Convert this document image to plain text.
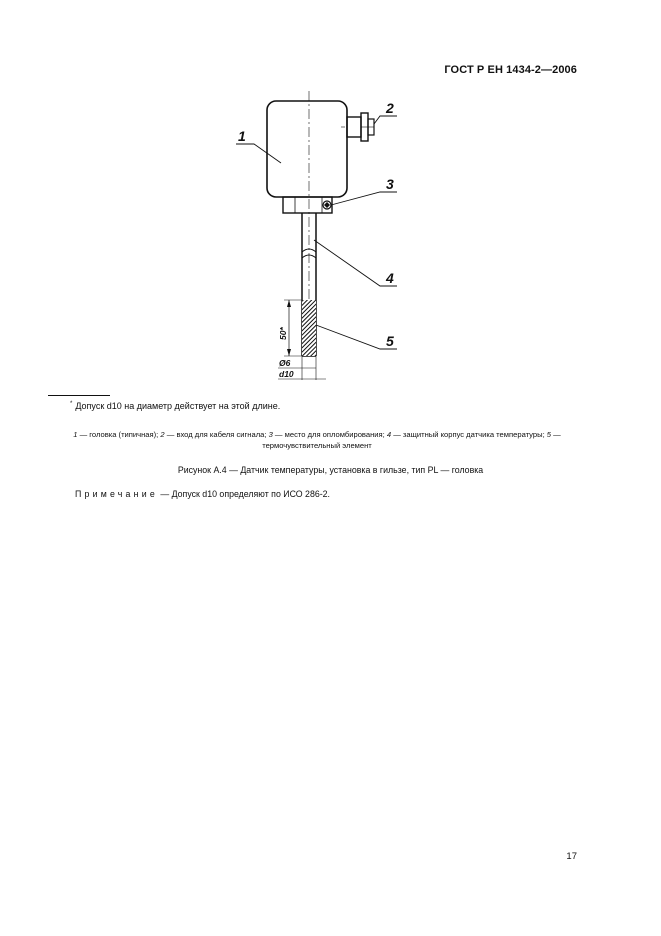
ГОСТ Р ЕН 1434-2—2006
1
2
3
4
5
50*
Ø6
d10
* Допуск d10 на диаметр действует на этой длине.
1 — головка (типичная); 2 — вход для кабеля сигнала; 3 — место для опломбирования; 4 — защитный корпус датчика температуры; 5 — термочувствительный элемент
Рисунок А.4 — Датчик температуры, установка в гильзе, тип PL — головка
Примечание — Допуск d10 определяют по ИСО 286-2.
17
